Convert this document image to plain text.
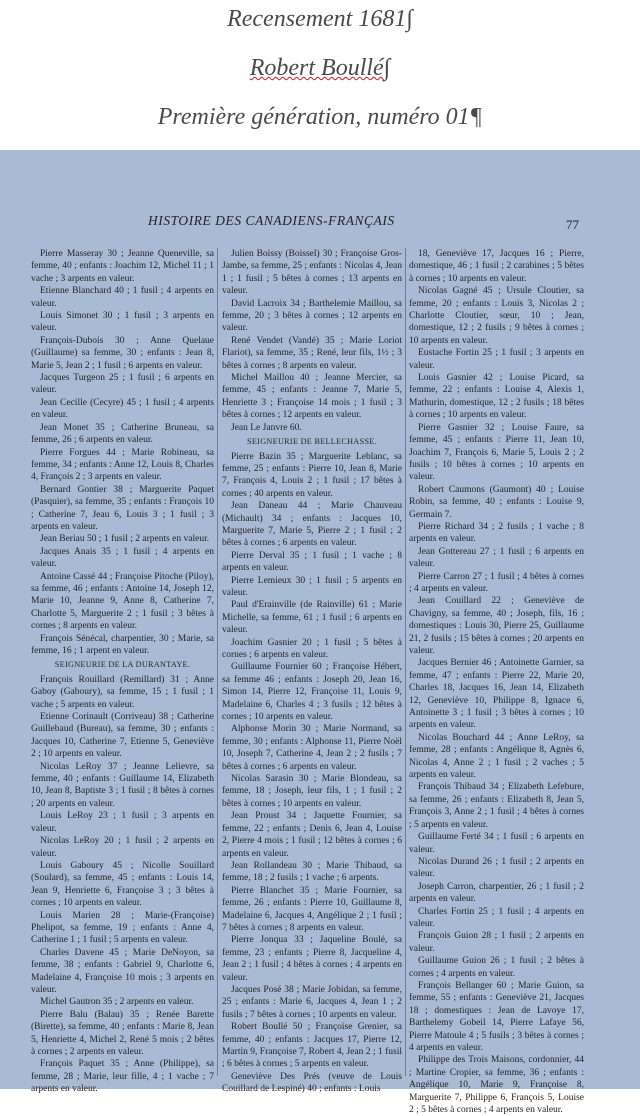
Recensement 1681∫
Robert Boullé∫
Première génération, numéro 01¶
HISTOIRE DES CANADIENS-FRANÇAIS	77

Pierre Masseray 30 ; Jeanne Queneville, sa femme, 40 ; enfants : Joachim 12, Michel 11 ; 1 vache ; 3 arpents en valeur.

Etienne Blanchard 40 ; 1 fusil ; 4 arpents en valeur.

Louis Simonet 30 ; 1 fusil ; 3 arpents en valeur.

François-Dubois 30 ; Anne Quelaue (Guillaume) sa femme, 30 ; enfants : Jean 8, Marie 5, Jean 2 ; 1 fusil ; 6 arpents en valeur.

Jacques Turgeon 25 ; 1 fusil ; 6 arpents en valeur.

Jean Cecille (Cecyre) 45 ; 1 fusil ; 4 arpents en valeur.

Jean Monet 35 ; Catherine Bruneau, sa femme, 26 ; 6 arpents en valeur.

Pierre Forgues 44 ; Marie Robineau, sa femme, 34 ; enfants : Anne 12, Louis 8, Charles 4, François 2 ; 3 arpents en valeur.

Bernard Gontier 38 ; Marguerite Paquet (Pasquier), sa femme, 35 ; enfants : François 10 ; Catherine 7, Jeau 6, Louis 3 ; 1 fusil ; 3 arpents en valeur.

Jean Beriau 50 ; 1 fusil ; 2 arpents en valeur.

Jacques Anais 35 ; 1 fusil ; 4 arpents en valeur.

Antoine Cassé 44 ; Françoise Pitoche (Piloy), sa femme, 46 ; enfants : Antoine 14, Joseph 12, Marie 10, Jeanne 9, Anne 8, Catherine 7, Charlotte 5, Marguerite 2 ; 1 fusil ; 3 bêtes à cornes ; 8 arpents en valeur.

François Sénécal, charpentier, 30 ; Marie, sa femme, 16 ; 1 arpent en valeur.

SEIGNEURIE DE LA DURANTAYE.

François Rouillard (Remillard) 31 ; Anne Gaboy (Gaboury), sa femme, 15 ; 1 fusil ; 1 vache ; 5 arpents en valeur.

Etienne Corinault (Corriveau) 38 ; Catherine Guillebaud (Bureau), sa femme, 30 ; enfants : Jacques 10, Catherine 7, Etienne 5, Geneviève 2 ; 10 arpents en valeur.

Nicolas LeRoy 37 ; Jeanne Lelievre, sa femme, 40 ; enfants : Guillaume 14, Elizabeth 10, Jean 8, Baptiste 3 ; 1 fusil ; 8 bêtes à cornes ; 20 arpents en valeur.

Louis LeRoy 23 ; 1 fusil ; 3 arpents en valeur.

Nicolas LeRoy 20 ; 1 fusil ; 2 arpents en valeur.

Louis Gaboury 45 ; Nicolle Souillard (Soulard), sa femme, 45 ; enfants : Louis 14, Jean 9, Henriette 6, Françoise 3 ; 3 bêtes à cornes ; 10 arpents en valeur.

Louis Marien 28 ; Marie-(Françoise) Phelipot, sa femme, 19 ; enfants : Anne 4, Catherine 1 ; 1 fusil ; 5 arpents en valeur.

Charles Davene 45 ; Marie DeNoyon, sa femme, 38 ; enfants : Gabriel 9, Charlotte 6, Madelaine 4, Françoise 10 mois ; 3 arpents en valeur.

Michel Gautron 35 ; 2 arpents en valeur.

Pierre Balu (Balau) 35 ; Renée Barette (Birette), sa femme, 40 ; enfants : Marie 8, Jean 5, Henriette 4, Michel 2, René 5 mois ; 2 bêtes à cornes ; 2 arpents en valeur.

François Paquet 35 ; Anne (Philippe), sa femme, 28 ; Marie, leur fille, 4 ; 1 vache ; 7 arpents en valeur.

Julien Boissy (Boissel) 30 ; Françoise Gros-Jambe, sa femme, 25 ; enfants : Nicolas 4, Jean 1 ; 1 fusil ; 5 bêtes à cornes ; 13 arpents en valeur.

David Lacroix 34 ; Barthelemie Maillou, sa femme, 20 ; 3 bêtes à cornes ; 12 arpents en valeur.

René Vendet (Vandé) 35 ; Marie Loriot Flariot), sa femme, 35 ; René, leur fils, 1½ ; 3 bêtes à cornes ; 8 arpents en valeur.

Michel Maillou 40 ; Jeanne Mercier, sa femme, 45 ; enfants : Jeanne 7, Marie 5, Henriette 3 ; Françoise 14 mois ; 1 fusil ; 3 bêtes à cornes ; 12 arpents en valeur.

Jean Le Janvre 60.

SEIGNEURIE DE BELLECHASSE.

Pierre Bazin 35 ; Marguerite Leblanc, sa femme, 25 ; enfants : Pierre 10, Jean 8, Marie 7, François 4, Louis 2 ; 1 fusil ; 17 bêtes à cornes ; 40 arpents en valeur.

Jean Daneau 44 ; Marie Chauveau (Michault) 34 ; enfants : Jacques 10, Marguerite 7, Marie 5, Pierre 2 ; 1 fusil ; 2 bêtes à cornes ; 6 arpents en valeur.

Pierre Derval 35 ; 1 fusil ; 1 vache ; 8 arpents en valeur.

Pierre Lemieux 30 ; 1 fusil ; 5 arpents en valeur.

Paul d'Erainville (de Rainville) 61 ; Marie Michelle, sa femme, 61 ; 1 fusil ; 6 arpents en valeur.

Joachim Gasnier 20 ; 1 fusil ; 5 bêtes à cornes ; 6 arpents en valeur.

Guillaume Fournier 60 ; Françoise Hébert, sa femme 46 ; enfants : Joseph 20, Jean 16, Simon 14, Pierre 12, Françoise 11, Louis 9, Madelaine 6, Charles 4 ; 3 fusils ; 12 bêtes à cornes ; 10 arpents en valeur.

Alphonse Morin 30 ; Marie Normand, sa femme, 30 ; enfants : Alphonse 11, Pierre Noël 10, Joseph 7, Catherine 4, Jean 2 ; 2 fusils ; 7 bêtes à cornes ; 6 arpents en valeur.

Nicolas Sarasin 30 ; Marie Blondeau, sa femme, 18 ; Joseph, leur fils, 1 ; 1 fusil ; 2 bêtes à cornes ; 10 arpents en valeur.

Jean Proust 34 ; Jaquette Fournier, sa femme, 22 ; enfants ; Denis 6, Jean 4, Louise 2, Pierre 4 mois ; 1 fusil ; 12 bêtes à cornes ; 6 arpents en valeur.

Jean Rollandeau 30 ; Marie Thibaud, sa femme, 18 ; 2 fusils ; 1 vache ; 6 arpents.

Pierre Blanchet 35 ; Marie Fournier, sa femme, 26 ; enfants : Pierre 10, Guillaume 8, Madelaine 6, Jacques 4, Angélique 2 ; 1 fusil ; 7 bêtes à cornes ; 8 arpents en valeur.

Pierre Jonqua 33 ; Jaqueline Boulé, sa femme, 23 ; enfants ; Pierre 8, Jacqueline 4, Jean 2 ; 1 fusil ; 4 bêtes à cornes ; 4 arpents en valeur.

Jacques Posé 38 ; Marie Jobidan, sa femme, 25 ; enfants : Marie 6, Jacques 4, Jean 1 ; 2 fusils ; 7 bêtes à cornes ; 10 arpents en valeur.

Robert Boullé 50 ; Françoise Grenier, sa femme, 40 ; enfants : Jacques 17, Pierre 12, Martin 9, Françoise 7, Robert 4, Jean 2 ; 1 fusil ; 6 bêtes à cornes ; 5 arpents en valeur.

Geneviève Des Prés (veuve de Louis Couillard de Lespiné) 40 ; enfants : Louis

18, Geneviève 17, Jacques 16 ; Pierre, domestique, 46 ; 1 fusil ; 2 carabines ; 5 bêtes à cornes ; 10 arpents en valeur.

Nicolas Gagné 45 ; Ursule Cloutier, sa femme, 20 ; enfants : Louis 3, Nicolas 2 ; Charlotte Cloutier, sœur, 10 ; Jean, domestique, 12 ; 2 fusils ; 9 bêtes à cornes ; 10 arpents en valeur.

Eustache Fortin 25 ; 1 fusil ; 3 arpents en valeur.

Louis Gasnier 42 ; Louise Picard, sa femme, 22 ; enfants : Louise 4, Alexis 1, Mathurin, domestique, 12 ; 2 fusils ; 18 bêtes à cornes ; 10 arpents en valeur.

Pierre Gasnier 32 ; Louise Faure, sa femme, 45 ; enfants : Pierre 11, Jean 10, Joachim 7, François 6, Marie 5, Louis 2 ; 2 fusils ; 10 bêtes à cornes ; 10 arpents en valeur.

Robert Caumons (Gaumont) 40 ; Louise Robin, sa femme, 40 ; enfants : Louise 9, Germain 7.

Pierre Richard 34 ; 2 fusils ; 1 vache ; 8 arpents en valeur.

Jean Gottereau 27 ; 1 fusil ; 6 arpents en valeur.

Pierre Carron 27 ; 1 fusil ; 4 bêtes à cornes ; 4 arpents en valeur.

Jean Couillard 22 ; Geneviève de Chavigny, sa femme, 40 ; Joseph, fils, 16 ; domestiques : Louis 30, Pierre 25, Guillaume 21, 2 fusils ; 15 bêtes à cornes ; 20 arpents en valeur.

Jacques Bernier 46 ; Antoinette Garnier, sa femme, 47 ; enfants : Pierre 22, Marie 20, Charles 18, Jacques 16, Jean 14, Elizabeth 12, Geneviève 10, Philippe 8, Ignace 6, Antoinette 3 ; 1 fusil ; 3 bêtes à cornes ; 10 arpents en valeur.

Nicolas Bouchard 44 ; Anne LeRoy, sa femme, 28 ; enfants : Angélique 8, Agnès 6, Nicolas 4, Anne 2 ; 1 fusil ; 2 vaches ; 5 arpents en valeur.

François Thibaud 34 ; Elizabeth Lefebure, sa femme, 26 ; enfants : Elizabeth 8, Jean 5, François 3, Anne 2 ; 1 fusil ; 4 bêtes à cornes ; 5 arpents en valeur.

Guillaume Ferté 34 ; 1 fusil ; 6 arpents en valeur.

Nicolas Durand 26 ; 1 fusil ; 2 arpents en valeur.

Joseph Carron, charpentier, 26 ; 1 fusil ; 2 arpents en valeur.

Charles Fortin 25 ; 1 fusil ; 4 arpents en valeur.

François Guion 28 ; 1 fusil ; 2 arpents en valeur.

Guillaume Guion 26 ; 1 fusil ; 2 bêtes à cornes ; 4 arpents en valeur.

François Bellanger 60 ; Marie Guion, sa femme, 55 ; enfants : Geneviève 21, Jacques 18 ; domestiques : Jean de Lavoye 17, Barthelemy Gobeil 14, Pierre Lafaye 56, Pierre Matoule 4 ; 5 fusils ; 3 bêtes à cornes ; 4 arpents en valeur.

Philippe des Trois Maisons, cordonnier, 44 ; Martine Cropier, sa femme, 36 ; enfants : Angélique 10, Marie 9, Françoise 8, Marguerite 7, Philippe 6, François 5, Louise 2 ; 5 bêtes à cornes ; 4 arpents en valeur.
